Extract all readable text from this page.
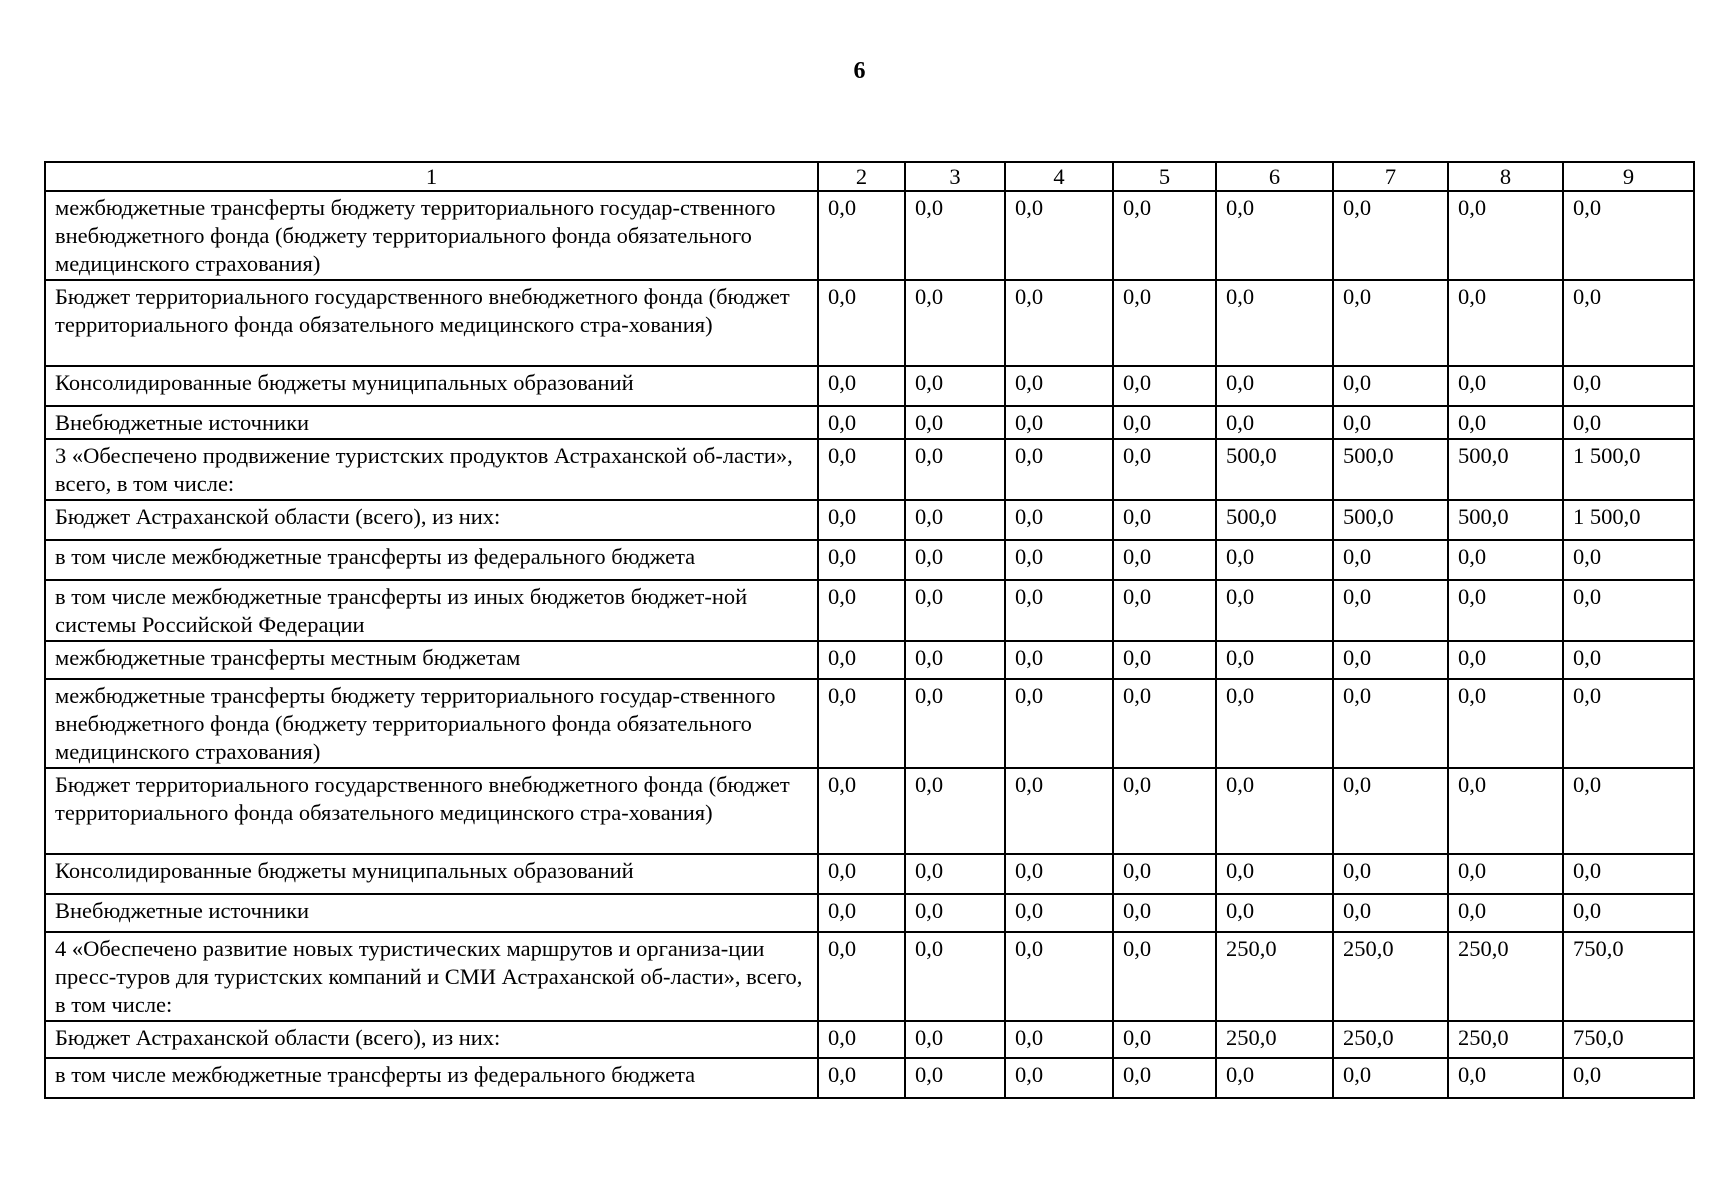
6
1	2	3	4	5	6	7	8	9
межбюджетные трансферты бюджету территориального государ-ственного внебюджетного фонда (бюджету территориального фонда обязательного медицинского страхования)	0,0	0,0	0,0	0,0	0,0	0,0	0,0	0,0
Бюджет территориального государственного внебюджетного фонда (бюджет территориального фонда обязательного медицинского стра-хования)	0,0	0,0	0,0	0,0	0,0	0,0	0,0	0,0
Консолидированные бюджеты муниципальных образований	0,0	0,0	0,0	0,0	0,0	0,0	0,0	0,0
Внебюджетные источники	0,0	0,0	0,0	0,0	0,0	0,0	0,0	0,0
3 «Обеспечено продвижение туристских продуктов Астраханской об-ласти», всего, в том числе:	0,0	0,0	0,0	0,0	500,0	500,0	500,0	1 500,0
Бюджет Астраханской области (всего), из них:	0,0	0,0	0,0	0,0	500,0	500,0	500,0	1 500,0
в том числе межбюджетные трансферты из федерального бюджета	0,0	0,0	0,0	0,0	0,0	0,0	0,0	0,0
в том числе межбюджетные трансферты из иных бюджетов бюджет-ной системы Российской Федерации	0,0	0,0	0,0	0,0	0,0	0,0	0,0	0,0
межбюджетные трансферты местным бюджетам	0,0	0,0	0,0	0,0	0,0	0,0	0,0	0,0
межбюджетные трансферты бюджету территориального государ-ственного внебюджетного фонда (бюджету территориального фонда обязательного медицинского страхования)	0,0	0,0	0,0	0,0	0,0	0,0	0,0	0,0
Бюджет территориального государственного внебюджетного фонда (бюджет территориального фонда обязательного медицинского стра-хования)	0,0	0,0	0,0	0,0	0,0	0,0	0,0	0,0
Консолидированные бюджеты муниципальных образований	0,0	0,0	0,0	0,0	0,0	0,0	0,0	0,0
Внебюджетные источники	0,0	0,0	0,0	0,0	0,0	0,0	0,0	0,0
4 «Обеспечено развитие новых туристических маршрутов и организа-ции пресс-туров для туристских компаний и СМИ Астраханской об-ласти», всего, в том числе:	0,0	0,0	0,0	0,0	250,0	250,0	250,0	750,0
Бюджет Астраханской области (всего), из них:	0,0	0,0	0,0	0,0	250,0	250,0	250,0	750,0
в том числе межбюджетные трансферты из федерального бюджета	0,0	0,0	0,0	0,0	0,0	0,0	0,0	0,0
